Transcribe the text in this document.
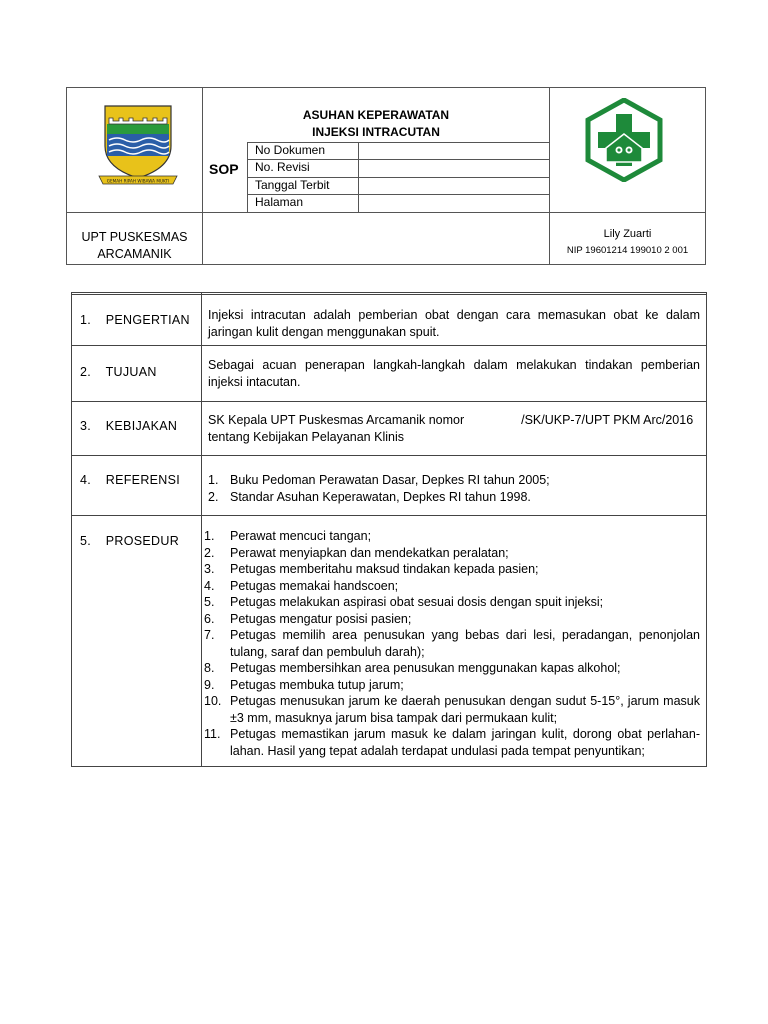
GEMAH RIPAH WIBAWA MUKTI
ASUHAN KEPERAWATAN
INJEKSI INTRACUTAN
SOP
No Dokumen
No. Revisi
Tanggal Terbit
Halaman
UPT PUSKESMAS
ARCAMANIK
Lily Zuarti
NIP 19601214 199010 2 001
1. PENGERTIAN Injeksi intracutan adalah pemberian obat dengan cara memasukan obat ke dalam jaringan kulit dengan menggunakan spuit.
2. TUJUAN	Sebagai acuan penerapan langkah-langkah dalam melakukan tindakan pemberian injeksi intacutan.
3. KEBIJAKAN SK Kepala UPT Puskesmas Arcamanik nomor	/SK/UKP-7/UPT PKM Arc/2016
tentang Kebijakan Pelayanan Klinis
4. REFERENSI 1. Buku Pedoman Perawatan Dasar, Depkes RI tahun 2005;
2. Standar Asuhan Keperawatan, Depkes RI tahun 1998.
5. PROSEDUR 1. Perawat mencuci tangan;
2. Perawat menyiapkan dan mendekatkan peralatan;
3. Petugas memberitahu maksud tindakan kepada pasien;
4. Petugas memakai handscoen;
5. Petugas melakukan aspirasi obat sesuai dosis dengan spuit injeksi;
6. Petugas mengatur posisi pasien;
7. Petugas memilih area penusukan yang bebas dari lesi, peradangan, penonjolan tulang, saraf dan pembuluh darah);
8. Petugas membersihkan area penusukan menggunakan kapas alkohol;
9. Petugas membuka tutup jarum;
10. Petugas menusukan jarum ke daerah penusukan dengan sudut 5-15°, jarum masuk ±3 mm, masuknya jarum bisa tampak dari permukaan kulit;
11. Petugas memastikan jarum masuk ke dalam jaringan kulit, dorong obat perlahan-lahan. Hasil yang tepat adalah terdapat undulasi pada tempat penyuntikan;
